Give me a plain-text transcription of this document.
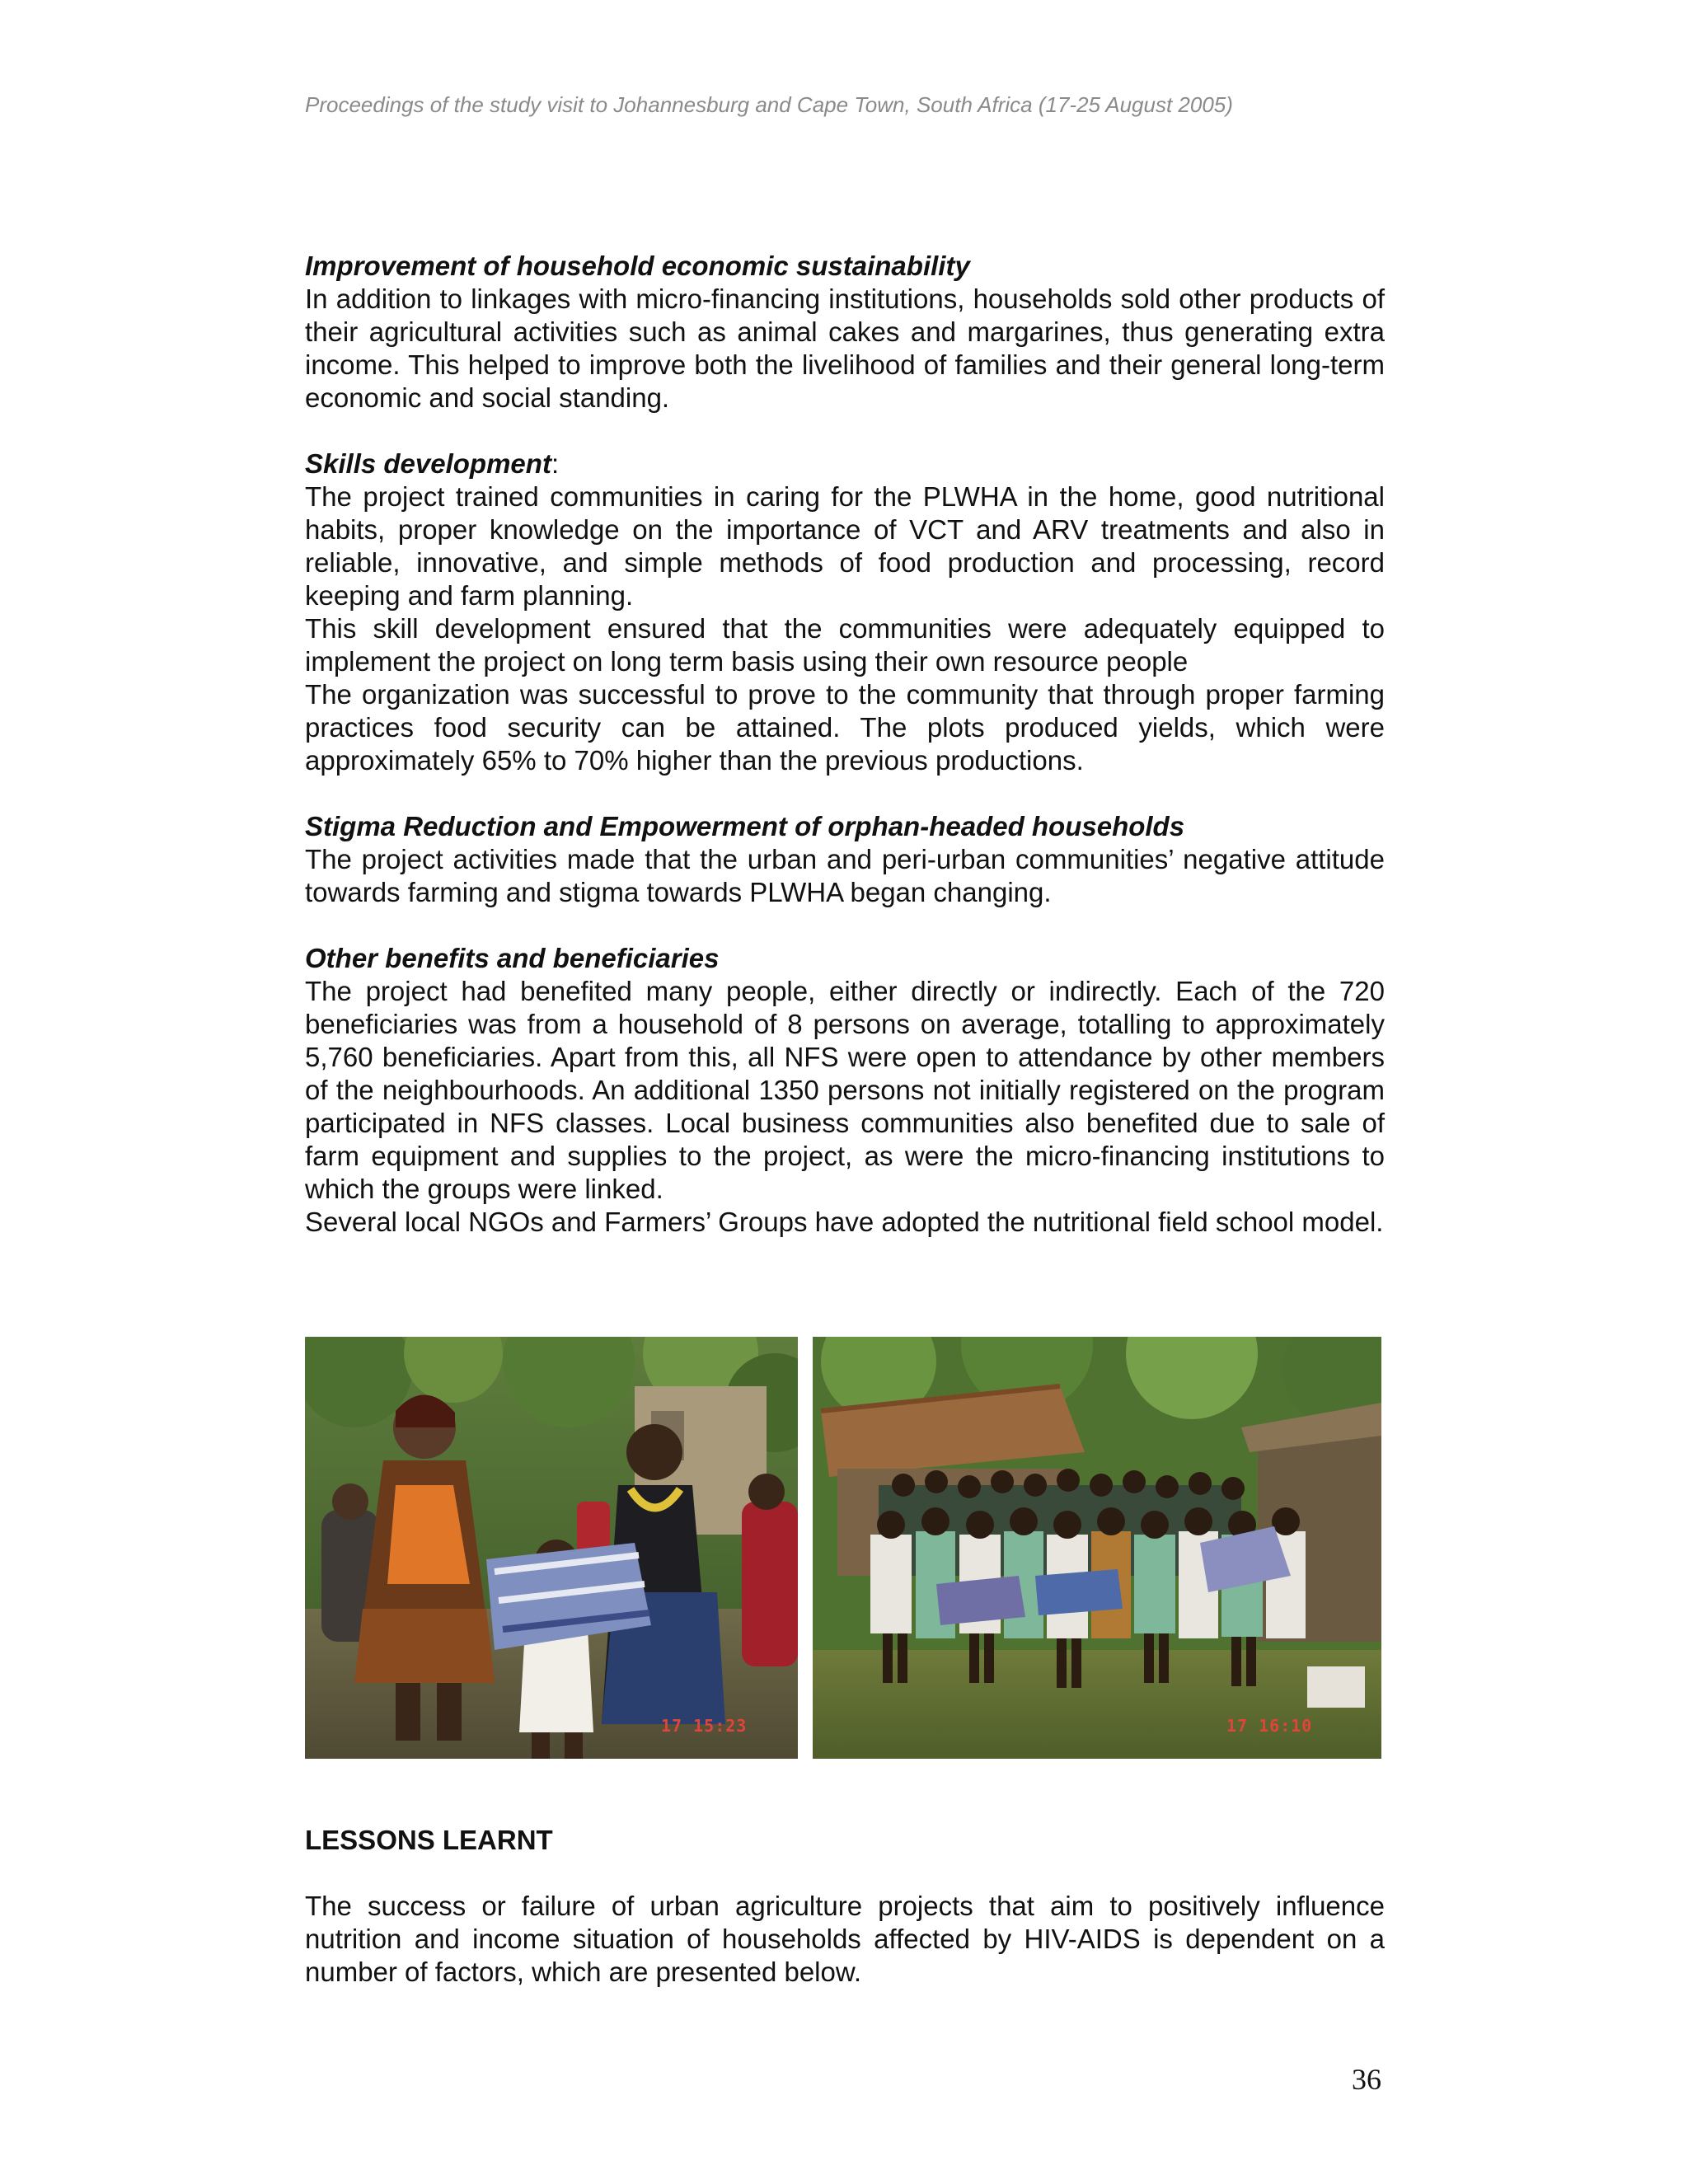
Proceedings of the study visit to Johannesburg and Cape Town, South Africa (17-25 August 2005)
Improvement of household economic sustainability

In addition to linkages with micro-financing institutions, households sold other products of their agricultural activities such as animal cakes and margarines, thus generating extra income. This helped to improve both the livelihood of families and their general long-term economic and social standing.

Skills development:

The project trained communities in caring for the PLWHA in the home, good nutritional habits, proper knowledge on the importance of VCT and ARV treatments and also in reliable, innovative, and simple methods of food production and processing, record keeping and farm planning.

This skill development ensured that the communities were adequately equipped to implement the project on long term basis using their own resource people

The organization was successful to prove to the community that through proper farming practices food security can be attained. The plots produced yields, which were approximately 65% to 70% higher than the previous productions.

Stigma Reduction and Empowerment of orphan-headed households

The project activities made that the urban and peri-urban communities’ negative attitude towards farming and stigma towards PLWHA began changing.

Other benefits and beneficiaries

The project had benefited many people, either directly or indirectly. Each of the 720 beneficiaries was from a household of 8 persons on average, totalling to approximately 5,760 beneficiaries. Apart from this, all NFS were open to attendance by other members of the neighbourhoods. An additional 1350 persons not initially registered on the program participated in NFS classes. Local business communities also benefited due to sale of farm equipment and supplies to the project, as were the micro-financing institutions to which the groups were linked.

Several local NGOs and Farmers’ Groups have adopted the nutritional field school model.

17 15:23	17 16:10
LESSONS LEARNT

The success or failure of urban agriculture projects that aim to positively influence nutrition and income situation of households affected by HIV-AIDS is dependent on a number of factors, which are presented below.

36
